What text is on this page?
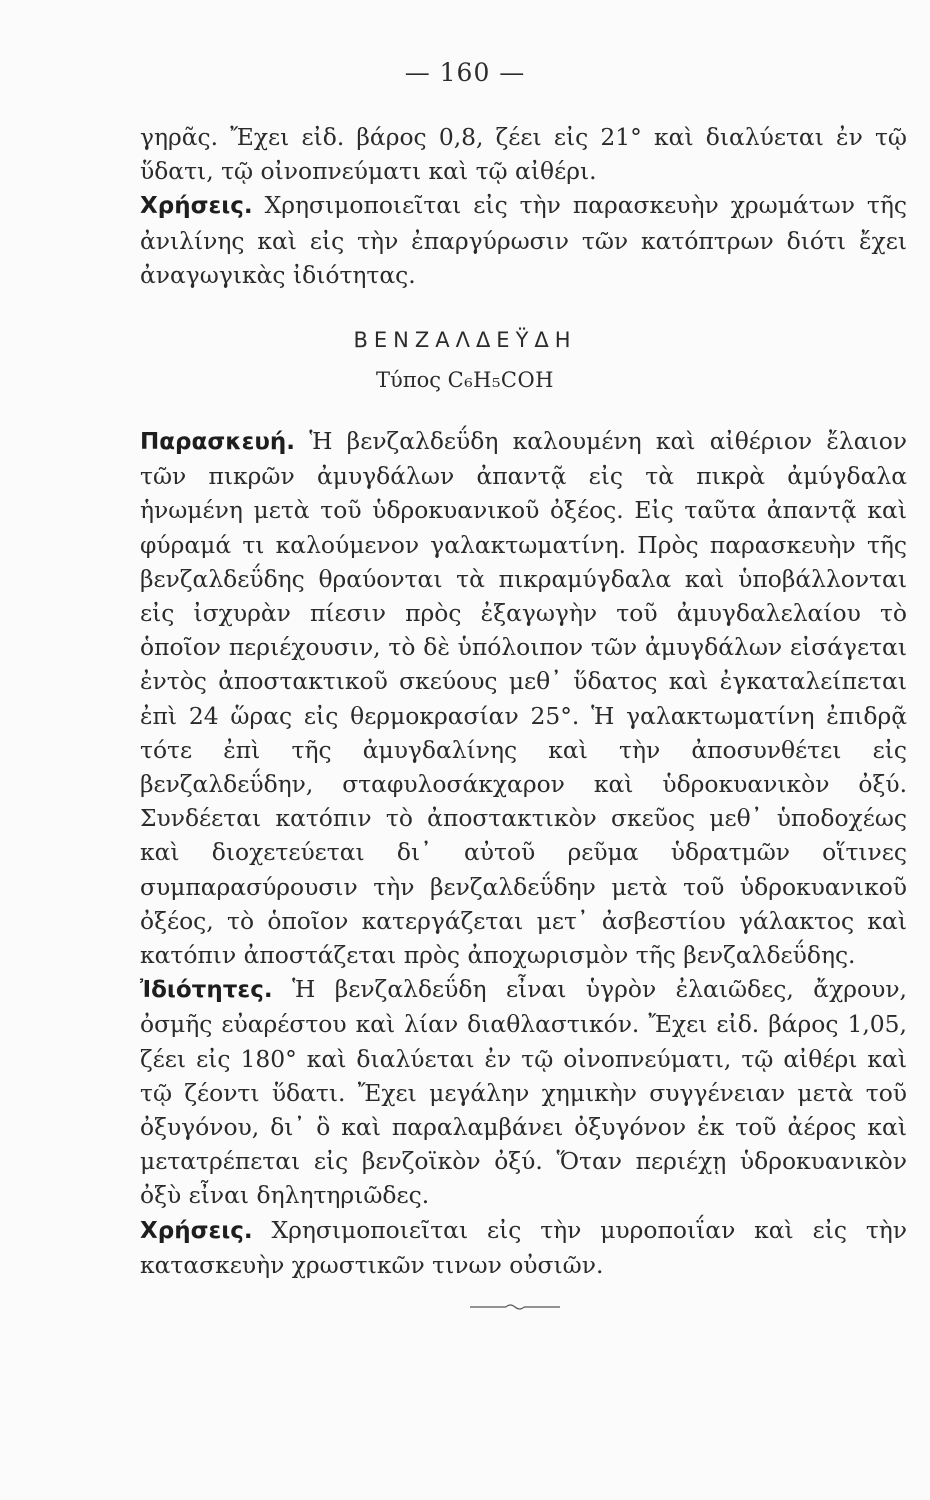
— 160 —

γηρᾶς. Ἔχει εἰδ. βάρος 0,8, ζέει εἰς 21° καὶ διαλύεται ἐν τῷ ὕδατι, τῷ οἰνοπνεύματι καὶ τῷ αἰθέρι.

Χρήσεις. Χρησιμοποιεῖται εἰς τὴν παρασκευὴν χρωμάτων τῆς ἀνιλίνης καὶ εἰς τὴν ἐπαργύρωσιν τῶν κατόπτρων διότι ἔχει ἀναγωγικὰς ἰδιότητας.

ΒΕΝΖΑΛΔΕΫΔΗ
Τύπος C₆H₅COH

Παρασκευή. Ἡ βενζαλδεΰδη καλουμένη καὶ αἰθέριον ἔλαιον τῶν πικρῶν ἀμυγδάλων ἀπαντᾷ εἰς τὰ πικρὰ ἀμύγδαλα ἡνωμένη μετὰ τοῦ ὑδροκυανικοῦ ὀξέος. Εἰς ταῦτα ἀπαντᾷ καὶ φύραμά τι καλούμενον γαλακτωματίνη. Πρὸς παρασκευὴν τῆς βενζαλδεΰδης θραύονται τὰ πικραμύγδαλα καὶ ὑποβάλλονται εἰς ἰσχυρὰν πίεσιν πρὸς ἐξαγωγὴν τοῦ ἀμυγδαλελαίου τὸ ὁποῖον περιέχουσιν, τὸ δὲ ὑπόλοιπον τῶν ἀμυγδάλων εἰσάγεται ἐντὸς ἀποστακτικοῦ σκεύους μεθ᾽ ὕδατος καὶ ἐγκαταλείπεται ἐπὶ 24 ὥρας εἰς θερμοκρασίαν 25°. Ἡ γαλακτωματίνη ἐπιδρᾷ τότε ἐπὶ τῆς ἀμυγδαλίνης καὶ τὴν ἀποσυνθέτει εἰς βενζαλδεΰδην, σταφυλοσάκχαρον καὶ ὑδροκυανικὸν ὀξύ. Συνδέεται κατόπιν τὸ ἀποστακτικὸν σκεῦος μεθ᾽ ὑποδοχέως καὶ διοχετεύεται δι᾽ αὐτοῦ ρεῦμα ὑδρατμῶν οἵτινες συμπαρασύρουσιν τὴν βενζαλδεΰδην μετὰ τοῦ ὑδροκυανικοῦ ὀξέος, τὸ ὁποῖον κατεργάζεται μετ᾽ ἀσβεστίου γάλακτος καὶ κατόπιν ἀποστάζεται πρὸς ἀποχωρισμὸν τῆς βενζαλδεΰδης.

Ἰδιότητες. Ἡ βενζαλδεΰδη εἶναι ὑγρὸν ἐλαιῶδες, ἄχρουν, ὀσμῆς εὐαρέστου καὶ λίαν διαθλαστικόν. Ἔχει εἰδ. βάρος 1,05, ζέει εἰς 180° καὶ διαλύεται ἐν τῷ οἰνοπνεύματι, τῷ αἰθέρι καὶ τῷ ζέοντι ὕδατι. Ἔχει μεγάλην χημικὴν συγγένειαν μετὰ τοῦ ὀξυγόνου, δι᾽ ὃ καὶ παραλαμβάνει ὀξυγόνον ἐκ τοῦ ἀέρος καὶ μετατρέπεται εἰς βενζοϊκὸν ὀξύ. Ὅταν περιέχῃ ὑδροκυανικὸν ὀξὺ εἶναι δηλητηριῶδες.

Χρήσεις. Χρησιμοποιεῖται εἰς τὴν μυροποιΐαν καὶ εἰς τὴν κατασκευὴν χρωστικῶν τινων οὐσιῶν.
